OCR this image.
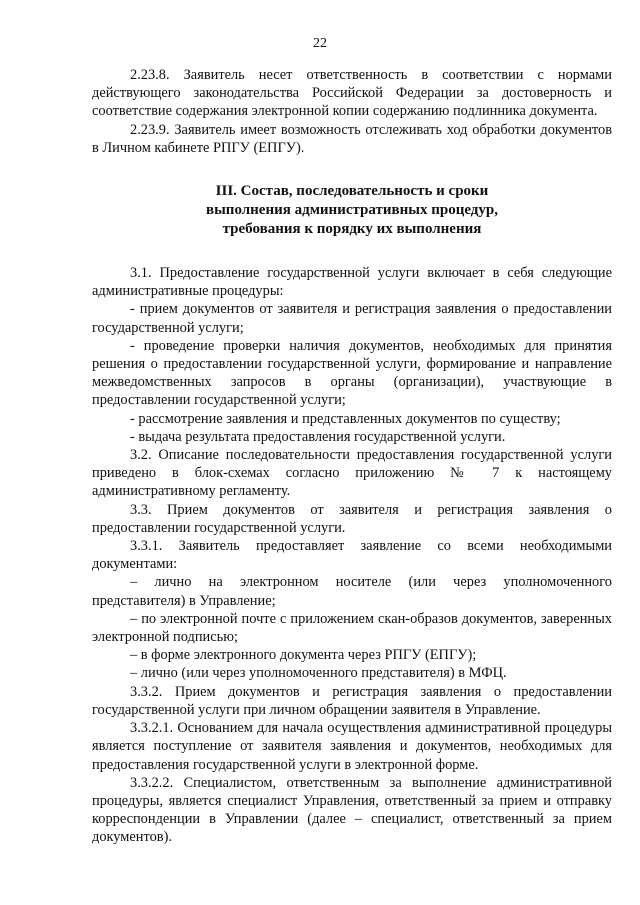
22

2.23.8. Заявитель несет ответственность в соответствии с нормами действующего законодательства Российской Федерации за достоверность и соответствие содержания электронной копии содержанию подлинника документа.

2.23.9. Заявитель имеет возможность отслеживать ход обработки документов в Личном кабинете РПГУ (ЕПГУ).

III. Состав, последовательность и сроки

выполнения административных процедур,

требования к порядку их выполнения

3.1. Предоставление государственной услуги включает в себя следующие административные процедуры:

- прием документов от заявителя и регистрация заявления о предоставлении государственной услуги;

- проведение проверки наличия документов, необходимых для принятия решения о предоставлении государственной услуги, формирование и направление межведомственных запросов в органы (организации), участвующие в предоставлении государственной услуги;

- рассмотрение заявления и представленных документов по существу;

- выдача результата предоставления государственной услуги.

3.2. Описание последовательности предоставления государственной услуги приведено в блок-схемах согласно приложению № 7 к настоящему административному регламенту.

3.3. Прием документов от заявителя и регистрация заявления о предоставлении государственной услуги.

3.3.1. Заявитель предоставляет заявление со всеми необходимыми документами:

– лично на электронном носителе (или через уполномоченного представителя) в Управление;

– по электронной почте с приложением скан-образов документов, заверенных электронной подписью;

– в форме электронного документа через РПГУ (ЕПГУ);

– лично (или через уполномоченного представителя) в МФЦ.

3.3.2. Прием документов и регистрация заявления о предоставлении государственной услуги при личном обращении заявителя в Управление.

3.3.2.1. Основанием для начала осуществления административной процедуры является поступление от заявителя заявления и документов, необходимых для предоставления государственной услуги в электронной форме.

3.3.2.2. Специалистом, ответственным за выполнение административной процедуры, является специалист Управления, ответственный за прием и отправку корреспонденции в Управлении (далее – специалист, ответственный за прием документов).
